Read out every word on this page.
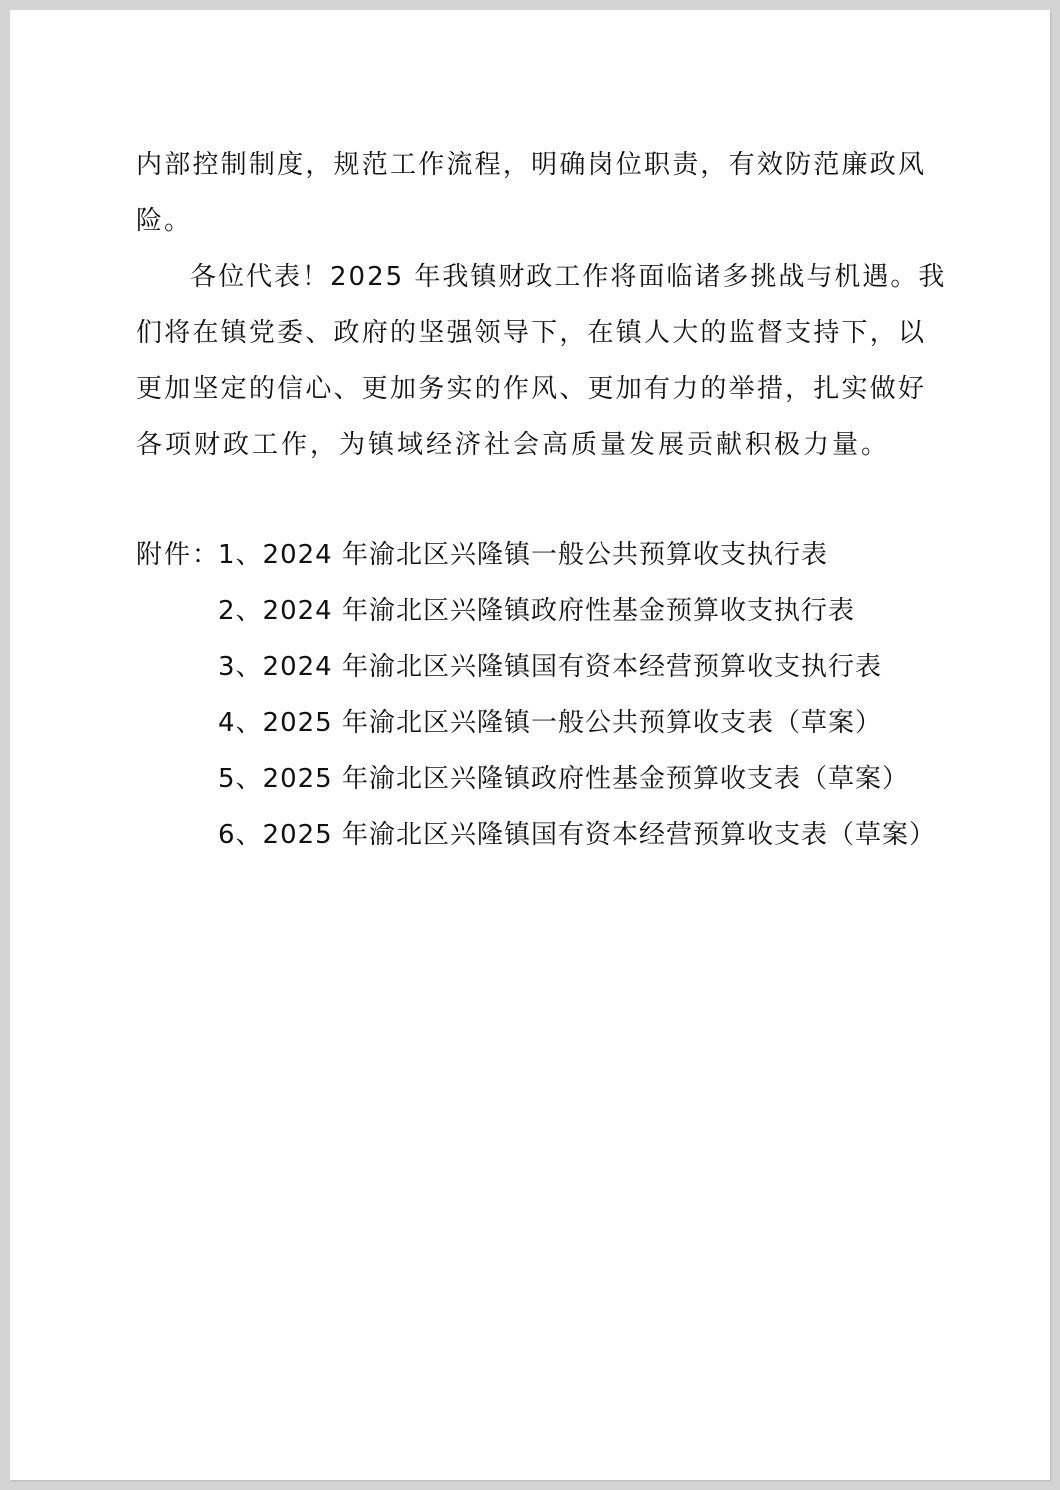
内部控制制度，规范工作流程，明确岗位职责，有效防范廉政风
险。
各位代表！2025 年我镇财政工作将面临诸多挑战与机遇。我
们将在镇党委、政府的坚强领导下，在镇人大的监督支持下，以
更加坚定的信心、更加务实的作风、更加有力的举措，扎实做好
各项财政工作，为镇域经济社会高质量发展贡献积极力量。
附件：
1、2024 年渝北区兴隆镇一般公共预算收支执行表
2、2024 年渝北区兴隆镇政府性基金预算收支执行表
3、2024 年渝北区兴隆镇国有资本经营预算收支执行表
4、2025 年渝北区兴隆镇一般公共预算收支表（草案）
5、2025 年渝北区兴隆镇政府性基金预算收支表（草案）
6、2025 年渝北区兴隆镇国有资本经营预算收支表（草案）
